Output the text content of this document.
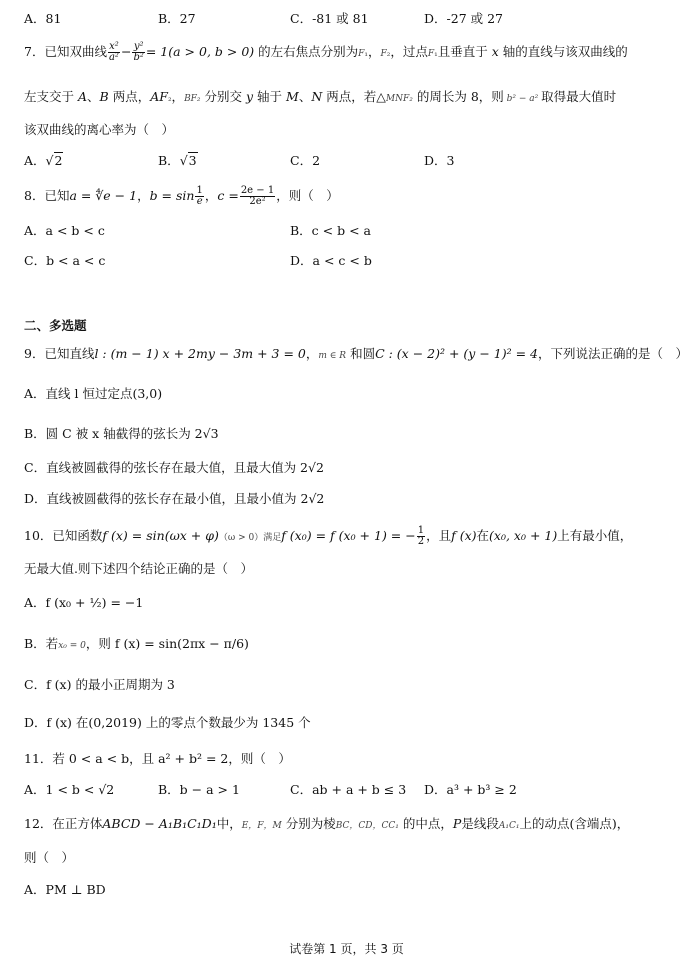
A．81	B．27	C．-81 或 81	D．-27 或 27
7．已知双曲线 $\frac{\text{x²}}{\text{a²}} - \frac{\text{y²}}{\text{b²}} = 1(a > 0$, b > 0) 的左右焦点分别为F₁，F₂，过点F₁且垂直于 x 轴的直线与该双曲线的
左支交于 A、B 两点，AF₂，BF₂ 分别交 y 轴于 M、N 两点，若△MNF₂ 的周长为 8，则 b² − a² 取得最大值时
该双曲线的离心率为（　）
A．√2	B．√3	C．2	D．3
8．已知a = ∜e − 1，$b = \sin \frac{1}{e}$ ，$c = \frac{2e - 1}{\text{2e²}}$ ，则（　）
A．a < b < c	B．c < b < a
C．b < a < c	D．a < c < b
二、多选题
9．已知直线l : (m − 1) x + 2my − 3m + 3 = 0，m ∈ R 和圆C : (x − 2)² + (y − 1)² = 4，下列说法正确的是（　）
A．直线 l 恒过定点(3,0)
B．圆 C 被 x 轴截得的弦长为 2√3
C．直线被圆截得的弦长存在最大值，且最大值为 2√2
D．直线被圆截得的弦长存在最小值，且最小值为 2√2
10．已知函数f (x) = sin(ωx + φ)（ω > 0）满足f (x₀) = f (x₀ + 1) = − $\frac{1}{2}$ ，且f (x)在(x₀, x₀ + 1)上有最小值，
无最大值.则下述四个结论正确的是（　）
A．f (x₀ + ½) = −1
B．若x₀ = 0，则 f (x) = sin(2πx − π/6)
C．f (x) 的最小正周期为 3
D．f (x) 在(0,2019) 上的零点个数最少为 1345 个
11．若 0 < a < b，且 a² + b² = 2，则（　）
A．1 < b < √2	B．b − a > 1	C．ab + a + b ≤ 3 D．a³ + b³ ≥ 2
12．在正方体ABCD − A₁B₁C₁D₁中，E，F，M 分别为棱BC，CD，CC₁ 的中点，P是线段A₁C₁上的动点(含端点)，
则（　）
A．PM ⊥ BD
试卷第 1 页，共 3 页
